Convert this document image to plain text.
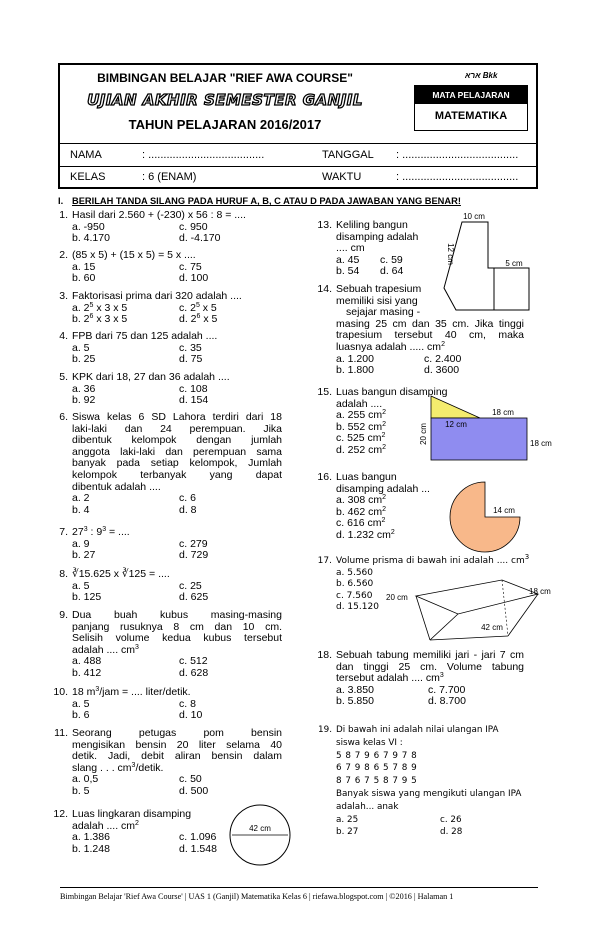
BIMBINGAN BELAJAR "RIEF AWA COURSE"
UJIAN AKHIR SEMESTER GANJIL
TAHUN PELAJARAN 2016/2017
ארא Bkk
MATA PELAJARAN
MATEMATIKA
NAMA	: ......................................	TANGGAL : ......................................
KELAS	: 6 (ENAM)	WAKTU	: ......................................
I. BERILAH TANDA SILANG PADA HURUF A, B, C ATAU D PADA JAWABAN YANG BENAR!
1. Hasil dari 2.560 + (-230) x 56 : 8 = ....
a. -950	c. 950
b. 4.170	d. -4.170
2. (85 x 5) + (15 x 5) = 5 x ....
a. 15	c. 75
b. 60	d. 100
3. Faktorisasi prima dari 320 adalah ....
a. $2^5$ x 3 x 5	c. $2^5$ x 5
b. $2^6$ x 3 x 5	d. $2^6$ x 5
4. FPB dari 75 dan 125 adalah ....
a. 5	c. 35
b. 25	d. 75
5. KPK dari 18, 27 dan 36 adalah ....
a. 36	c. 108
b. 92	d. 154
6. Siswa kelas 6 SD Lahora terdiri dari 18
laki-laki dan 24 perempuan. Jika
dibentuk kelompok dengan jumlah
anggota laki-laki dan perempuan sama
banyak pada setiap kelompok, Jumlah
kelompok terbanyak yang dapat
dibentuk adalah ....
a. 2	c. 6
b. 4	d. 8
7. $27^3$ : $9^3$ = ....
a. 9	c. 279
b. 27	d. 729
8. ∛15.625 x ∛125 = ....
a. 5	c. 25
b. 125	d. 625
9. Dua buah kubus masing-masing
panjang rusuknya 8 cm dan 10 cm.
Selisih volume kedua kubus tersebut
adalah .... $cm^3$
a. 488	c. 512
b. 412	d. 628
10. 18 $m^3$/jam = .... liter/detik.
a. 5	c. 8
b. 6	d. 10
11. Seorang petugas pom bensin
mengisikan bensin 20 liter selama 40
detik. Jadi, debit aliran bensin dalam
slang . . . $cm^3$/detik.
a. 0,5	c. 50
b. 5	d. 500
12. Luas lingkaran disamping
adalah .... $cm^2$
a. 1.386	c. 1.096
b. 1.248	d. 1.548
42 cm
13. Keliling bangun
disamping adalah
.... cm
a. 45 c. 59
b. 54 d. 64
10 cm
12 cm	5 cm
14. Sebuah trapesium
memiliki sisi yang
sejajar masing -
masing 25 cm dan 35 cm. Jika tinggi
trapesium tersebut 40 cm, maka
luasnya adalah ..... $cm^2$
a. 1.200	c. 2.400
b. 1.800	d. 3600
15. Luas bangun disamping
adalah ....
a. 255 $cm^2$
b. 552 $cm^2$
c. 525 $cm^2$
d. 252 $cm^2$
18 cm
20 cm 12 cm
18 cm
16. Luas bangun
disamping adalah ...
a. 308 $cm^2$
b. 462 $cm^2$
c. 616 $cm^2$
d. 1.232 $cm^2$
14 cm
17. Volume prisma di bawah ini adalah .... $cm^3$
a. 5.560
b. 6.560
c. 7.560
d. 15.120
20 cm
18 cm
42 cm
18. Sebuah tabung memiliki jari - jari 7 cm
dan tinggi 25 cm. Volume tabung
tersebut adalah .... $cm^3$
a. 3.850	c. 7.700
b. 5.850	d. 8.700
19. Di bawah ini adalah nilai ulangan IPA
siswa kelas VI :
5 8 7 9 6 7 9 7 8
6 7 9 8 6 5 7 8 9
8 7 6 7 5 8 7 9 5
Banyak siswa yang mengikuti ulangan IPA
adalah... anak
a. 25	c. 26
b. 27	d. 28
Bimbingan Belajar 'Rief Awa Course' | UAS 1 (Ganjil) Matematika Kelas 6 | riefawa.blogspot.com | ©2016 | Halaman 1
